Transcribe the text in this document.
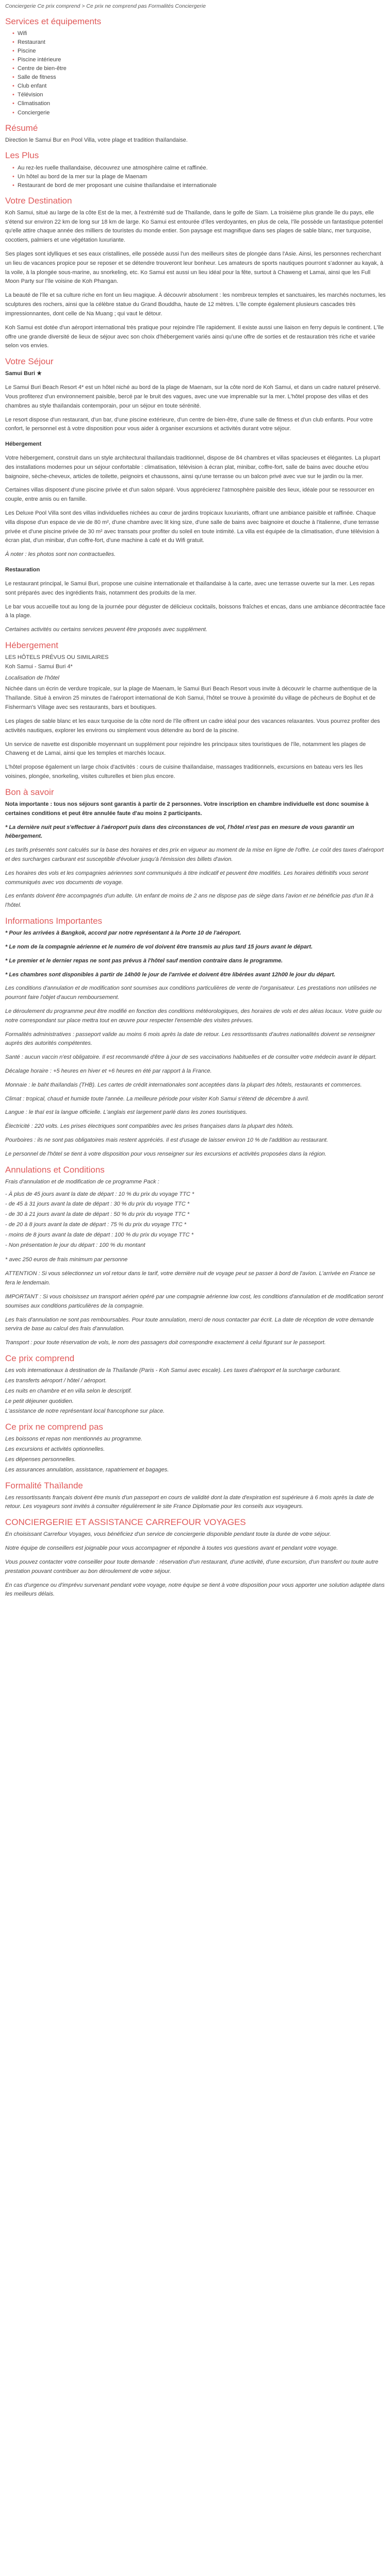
Conciergerie Ce prix comprend > Ce prix ne comprend pas Formalités Conciergerie
Services et équipements
• Wifi
• Restaurant
• Piscine
• Piscine intérieure
• Centre de bien-être
• Salle de fitness
• Club enfant
• Télévision
• Climatisation
• Conciergerie
Résumé

Direction le Samui Bur en Pool Villa, votre plage et tradition thaïlandaise.

Les Plus
• Au rez-les ruelle thaïlandaise, découvrez une atmosphère calme et raffinée.
• Un hôtel au bord de la mer sur la plage de Maenam
• Restaurant de bord de mer proposant une cuisine thaïlandaise et internationale
Votre Destination

Koh Samui, situé au large de la côte Est de la mer, à l'extrémité sud de Thaïlande, dans le golfe de Siam. La troisième plus grande île du pays, elle s'étend sur environ 22 km de long sur 18 km de large. Ko Samui est entourée d'îles verdoyantes, en plus de cela, l'île possède un fantastique potentiel qu'elle attire chaque année des milliers de touristes du monde entier. Son paysage est magnifique dans ses plages de sable blanc, mer turquoise, cocotiers, palmiers et une végétation luxuriante.

Ses plages sont idylliques et ses eaux cristallines, elle possède aussi l'un des meilleurs sites de plongée dans l'Asie. Ainsi, les personnes recherchant un lieu de vacances propice pour se reposer et se détendre trouveront leur bonheur. Les amateurs de sports nautiques pourront s'adonner au kayak, à la voile, à la plongée sous-marine, au snorkeling, etc. Ko Samui est aussi un lieu idéal pour la fête, surtout à Chaweng et Lamai, ainsi que les Full Moon Party sur l'île voisine de Koh Phangan.

La beauté de l'île et sa culture riche en font un lieu magique. À découvrir absolument : les nombreux temples et sanctuaires, les marchés nocturnes, les sculptures des rochers, ainsi que la célèbre statue du Grand Bouddha, haute de 12 mètres. L'île compte également plusieurs cascades très impressionnantes, dont celle de Na Muang ; qui vaut le détour.

Koh Samui est dotée d'un aéroport international très pratique pour rejoindre l'île rapidement. Il existe aussi une liaison en ferry depuis le continent. L'île offre une grande diversité de lieux de séjour avec son choix d'hébergement variés ainsi qu'une offre de sorties et de restauration très riche et variée selon vos envies.

Votre Séjour

Samui Buri ★

Le Samui Buri Beach Resort 4* est un hôtel niché au bord de la plage de Maenam, sur la côte nord de Koh Samui, et dans un cadre naturel préservé. Vous profiterez d'un environnement paisible, bercé par le bruit des vagues, avec une vue imprenable sur la mer. L'hôtel propose des villas et des chambres au style thaïlandais contemporain, pour un séjour en toute sérénité.

Le resort dispose d'un restaurant, d'un bar, d'une piscine extérieure, d'un centre de bien-être, d'une salle de fitness et d'un club enfants. Pour votre confort, le personnel est à votre disposition pour vous aider à organiser excursions et activités durant votre séjour.

Hébergement

Votre hébergement, construit dans un style architectural thaïlandais traditionnel, dispose de 84 chambres et villas spacieuses et élégantes. La plupart des installations modernes pour un séjour confortable : climatisation, télévision à écran plat, minibar, coffre-fort, salle de bains avec douche et/ou baignoire, sèche-cheveux, articles de toilette, peignoirs et chaussons, ainsi qu'une terrasse ou un balcon privé avec vue sur le jardin ou la mer.

Certaines villas disposent d'une piscine privée et d'un salon séparé. Vous apprécierez l'atmosphère paisible des lieux, idéale pour se ressourcer en couple, entre amis ou en famille.

Les Deluxe Pool Villa sont des villas individuelles nichées au cœur de jardins tropicaux luxuriants, offrant une ambiance paisible et raffinée. Chaque villa dispose d'un espace de vie de 80 m², d'une chambre avec lit king size, d'une salle de bains avec baignoire et douche à l'italienne, d'une terrasse privée et d'une piscine privée de 30 m² avec transats pour profiter du soleil en toute intimité. La villa est équipée de la climatisation, d'une télévision à écran plat, d'un minibar, d'un coffre-fort, d'une machine à café et du Wifi gratuit.

À noter : les photos sont non contractuelles.

Restauration

Le restaurant principal, le Samui Buri, propose une cuisine internationale et thaïlandaise à la carte, avec une terrasse ouverte sur la mer. Les repas sont préparés avec des ingrédients frais, notamment des produits de la mer.

Le bar vous accueille tout au long de la journée pour déguster de délicieux cocktails, boissons fraîches et encas, dans une ambiance décontractée face à la plage.

Certaines activités ou certains services peuvent être proposés avec supplément.

Hébergement

LES HÔTELS PRÉVUS OU SIMILAIRES

Koh Samui - Samui Buri 4*

Localisation de l'hôtel

Nichée dans un écrin de verdure tropicale, sur la plage de Maenam, le Samui Buri Beach Resort vous invite à découvrir le charme authentique de la Thaïlande. Situé à environ 25 minutes de l'aéroport international de Koh Samui, l'hôtel se trouve à proximité du village de pêcheurs de Bophut et de Fisherman's Village avec ses restaurants, bars et boutiques.

Les plages de sable blanc et les eaux turquoise de la côte nord de l'île offrent un cadre idéal pour des vacances relaxantes. Vous pourrez profiter des activités nautiques, explorer les environs ou simplement vous détendre au bord de la piscine.

Un service de navette est disponible moyennant un supplément pour rejoindre les principaux sites touristiques de l'île, notamment les plages de Chaweng et de Lamai, ainsi que les temples et marchés locaux.

L'hôtel propose également un large choix d'activités : cours de cuisine thaïlandaise, massages traditionnels, excursions en bateau vers les îles voisines, plongée, snorkeling, visites culturelles et bien plus encore.

Bon à savoir

Nota importante : tous nos séjours sont garantis à partir de 2 personnes. Votre inscription en chambre individuelle est donc soumise à certaines conditions et peut être annulée faute d'au moins 2 participants.

* La dernière nuit peut s'effectuer à l'aéroport puis dans des circonstances de vol, l'hôtel n'est pas en mesure de vous garantir un hébergement.

Les tarifs présentés sont calculés sur la base des horaires et des prix en vigueur au moment de la mise en ligne de l'offre. Le coût des taxes d'aéroport et des surcharges carburant est susceptible d'évoluer jusqu'à l'émission des billets d'avion.

Les horaires des vols et les compagnies aériennes sont communiqués à titre indicatif et peuvent être modifiés. Les horaires définitifs vous seront communiqués avec vos documents de voyage.

Les enfants doivent être accompagnés d'un adulte. Un enfant de moins de 2 ans ne dispose pas de siège dans l'avion et ne bénéficie pas d'un lit à l'hôtel.

Informations Importantes

* Pour les arrivées à Bangkok, accord par notre représentant à la Porte 10 de l'aéroport.

* Le nom de la compagnie aérienne et le numéro de vol doivent être transmis au plus tard 15 jours avant le départ.

* Le premier et le dernier repas ne sont pas prévus à l'hôtel sauf mention contraire dans le programme.

* Les chambres sont disponibles à partir de 14h00 le jour de l'arrivée et doivent être libérées avant 12h00 le jour du départ.

Les conditions d'annulation et de modification sont soumises aux conditions particulières de vente de l'organisateur. Les prestations non utilisées ne pourront faire l'objet d'aucun remboursement.

Le déroulement du programme peut être modifié en fonction des conditions météorologiques, des horaires de vols et des aléas locaux. Votre guide ou notre correspondant sur place mettra tout en œuvre pour respecter l'ensemble des visites prévues.

Formalités administratives : passeport valide au moins 6 mois après la date de retour. Les ressortissants d'autres nationalités doivent se renseigner auprès des autorités compétentes.

Santé : aucun vaccin n'est obligatoire. Il est recommandé d'être à jour de ses vaccinations habituelles et de consulter votre médecin avant le départ.

Décalage horaire : +5 heures en hiver et +6 heures en été par rapport à la France.

Monnaie : le baht thaïlandais (THB). Les cartes de crédit internationales sont acceptées dans la plupart des hôtels, restaurants et commerces.

Climat : tropical, chaud et humide toute l'année. La meilleure période pour visiter Koh Samui s'étend de décembre à avril.

Langue : le thaï est la langue officielle. L'anglais est largement parlé dans les zones touristiques.

Électricité : 220 volts. Les prises électriques sont compatibles avec les prises françaises dans la plupart des hôtels.

Pourboires : ils ne sont pas obligatoires mais restent appréciés. Il est d'usage de laisser environ 10 % de l'addition au restaurant.

Le personnel de l'hôtel se tient à votre disposition pour vous renseigner sur les excursions et activités proposées dans la région.

Annulations et Conditions

Frais d'annulation et de modification de ce programme Pack :

- À plus de 45 jours avant la date de départ : 10 % du prix du voyage TTC *

- de 45 à 31 jours avant la date de départ : 30 % du prix du voyage TTC *

- de 30 à 21 jours avant la date de départ : 50 % du prix du voyage TTC *

- de 20 à 8 jours avant la date de départ : 75 % du prix du voyage TTC *

- moins de 8 jours avant la date de départ : 100 % du prix du voyage TTC *

- Non présentation le jour du départ : 100 % du montant

* avec 250 euros de frais minimum par personne

ATTENTION : Si vous sélectionnez un vol retour dans le tarif, votre dernière nuit de voyage peut se passer à bord de l'avion. L'arrivée en France se fera le lendemain.

IMPORTANT : Si vous choisissez un transport aérien opéré par une compagnie aérienne low cost, les conditions d'annulation et de modification seront soumises aux conditions particulières de la compagnie.

Les frais d'annulation ne sont pas remboursables. Pour toute annulation, merci de nous contacter par écrit. La date de réception de votre demande servira de base au calcul des frais d'annulation.

Transport : pour toute réservation de vols, le nom des passagers doit correspondre exactement à celui figurant sur le passeport.

Ce prix comprend

Les vols internationaux à destination de la Thaïlande (Paris - Koh Samui avec escale). Les taxes d'aéroport et la surcharge carburant.

Les transferts aéroport / hôtel / aéroport.

Les nuits en chambre et en villa selon le descriptif.

Le petit déjeuner quotidien.

L'assistance de notre représentant local francophone sur place.

Ce prix ne comprend pas

Les boissons et repas non mentionnés au programme.

Les excursions et activités optionnelles.

Les dépenses personnelles.

Les assurances annulation, assistance, rapatriement et bagages.

Formalité Thaïlande

Les ressortissants français doivent être munis d'un passeport en cours de validité dont la date d'expiration est supérieure à 6 mois après la date de retour. Les voyageurs sont invités à consulter régulièrement le site France Diplomatie pour les conseils aux voyageurs.

CONCIERGERIE ET ASSISTANCE CARREFOUR VOYAGES

En choisissant Carrefour Voyages, vous bénéficiez d'un service de conciergerie disponible pendant toute la durée de votre séjour.

Notre équipe de conseillers est joignable pour vous accompagner et répondre à toutes vos questions avant et pendant votre voyage.

Vous pouvez contacter votre conseiller pour toute demande : réservation d'un restaurant, d'une activité, d'une excursion, d'un transfert ou toute autre prestation pouvant contribuer au bon déroulement de votre séjour.

En cas d'urgence ou d'imprévu survenant pendant votre voyage, notre équipe se tient à votre disposition pour vous apporter une solution adaptée dans les meilleurs délais.
